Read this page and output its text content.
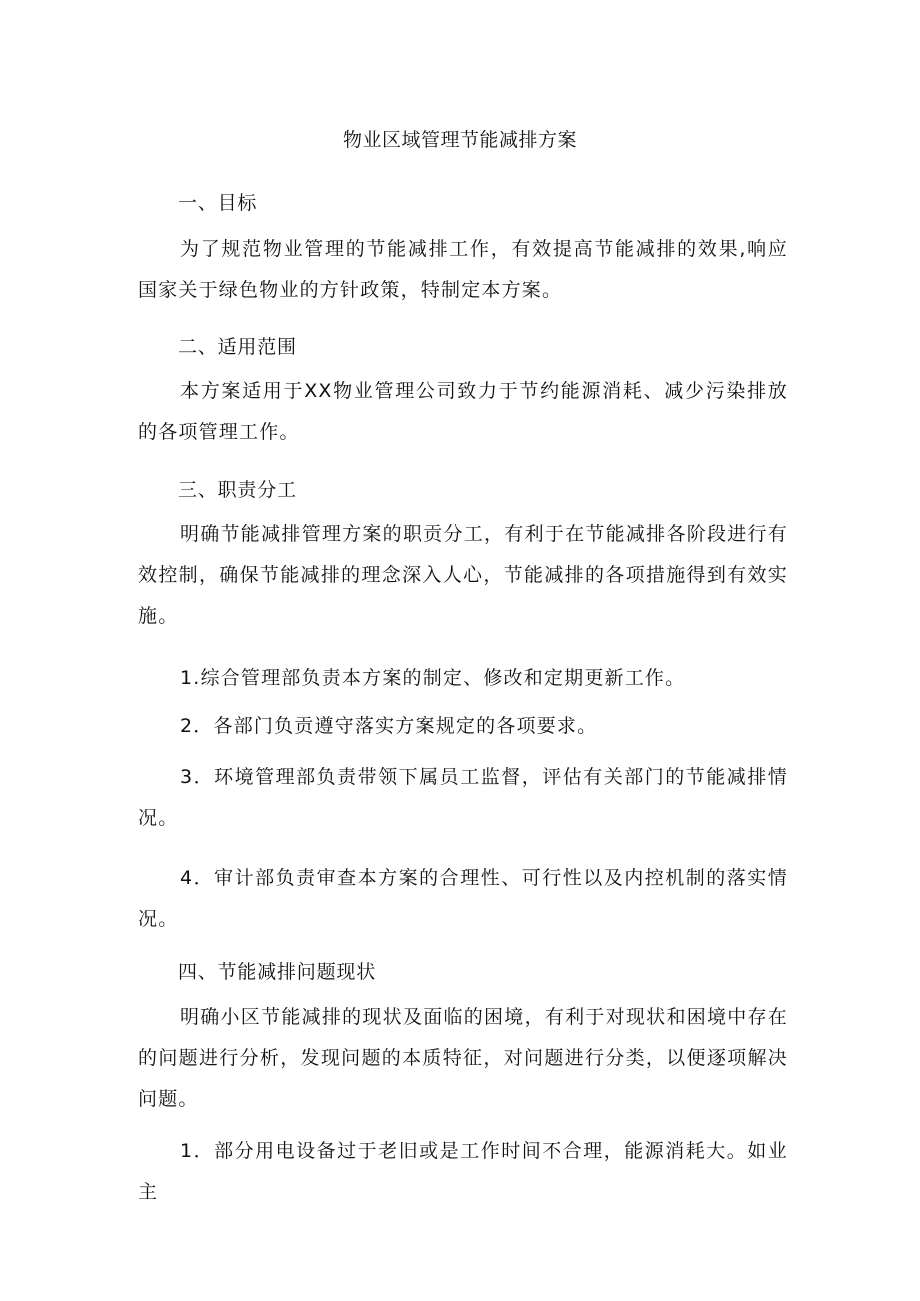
物业区域管理节能减排方案
一、目标

为了规范物业管理的节能减排工作，有效提高节能减排的效果,响应国家关于绿色物业的方针政策，特制定本方案。

二、适用范围

本方案适用于XX物业管理公司致力于节约能源消耗、减少污染排放的各项管理工作。

三、职责分工

明确节能减排管理方案的职贡分工，有利于在节能减排各阶段进行有效控制，确保节能减排的理念深入人心，节能减排的各项措施得到有效实施。

1.综合管理部负责本方案的制定、修改和定期更新工作。

2．各部门负贡遵守落实方案规定的各项要求。

3．环境管理部负责带领下属员工监督，评估有关部门的节能减排情况。

4．审计部负责审查本方案的合理性、可行性以及内控机制的落实情况。

四、节能减排问题现状

明确小区节能减排的现状及面临的困境，有利于对现状和困境中存在的问题进行分析，发现问题的本质特征，对问题进行分类，以便逐项解决问题。

1．部分用电设备过于老旧或是工作时间不合理，能源消耗大。如业主
